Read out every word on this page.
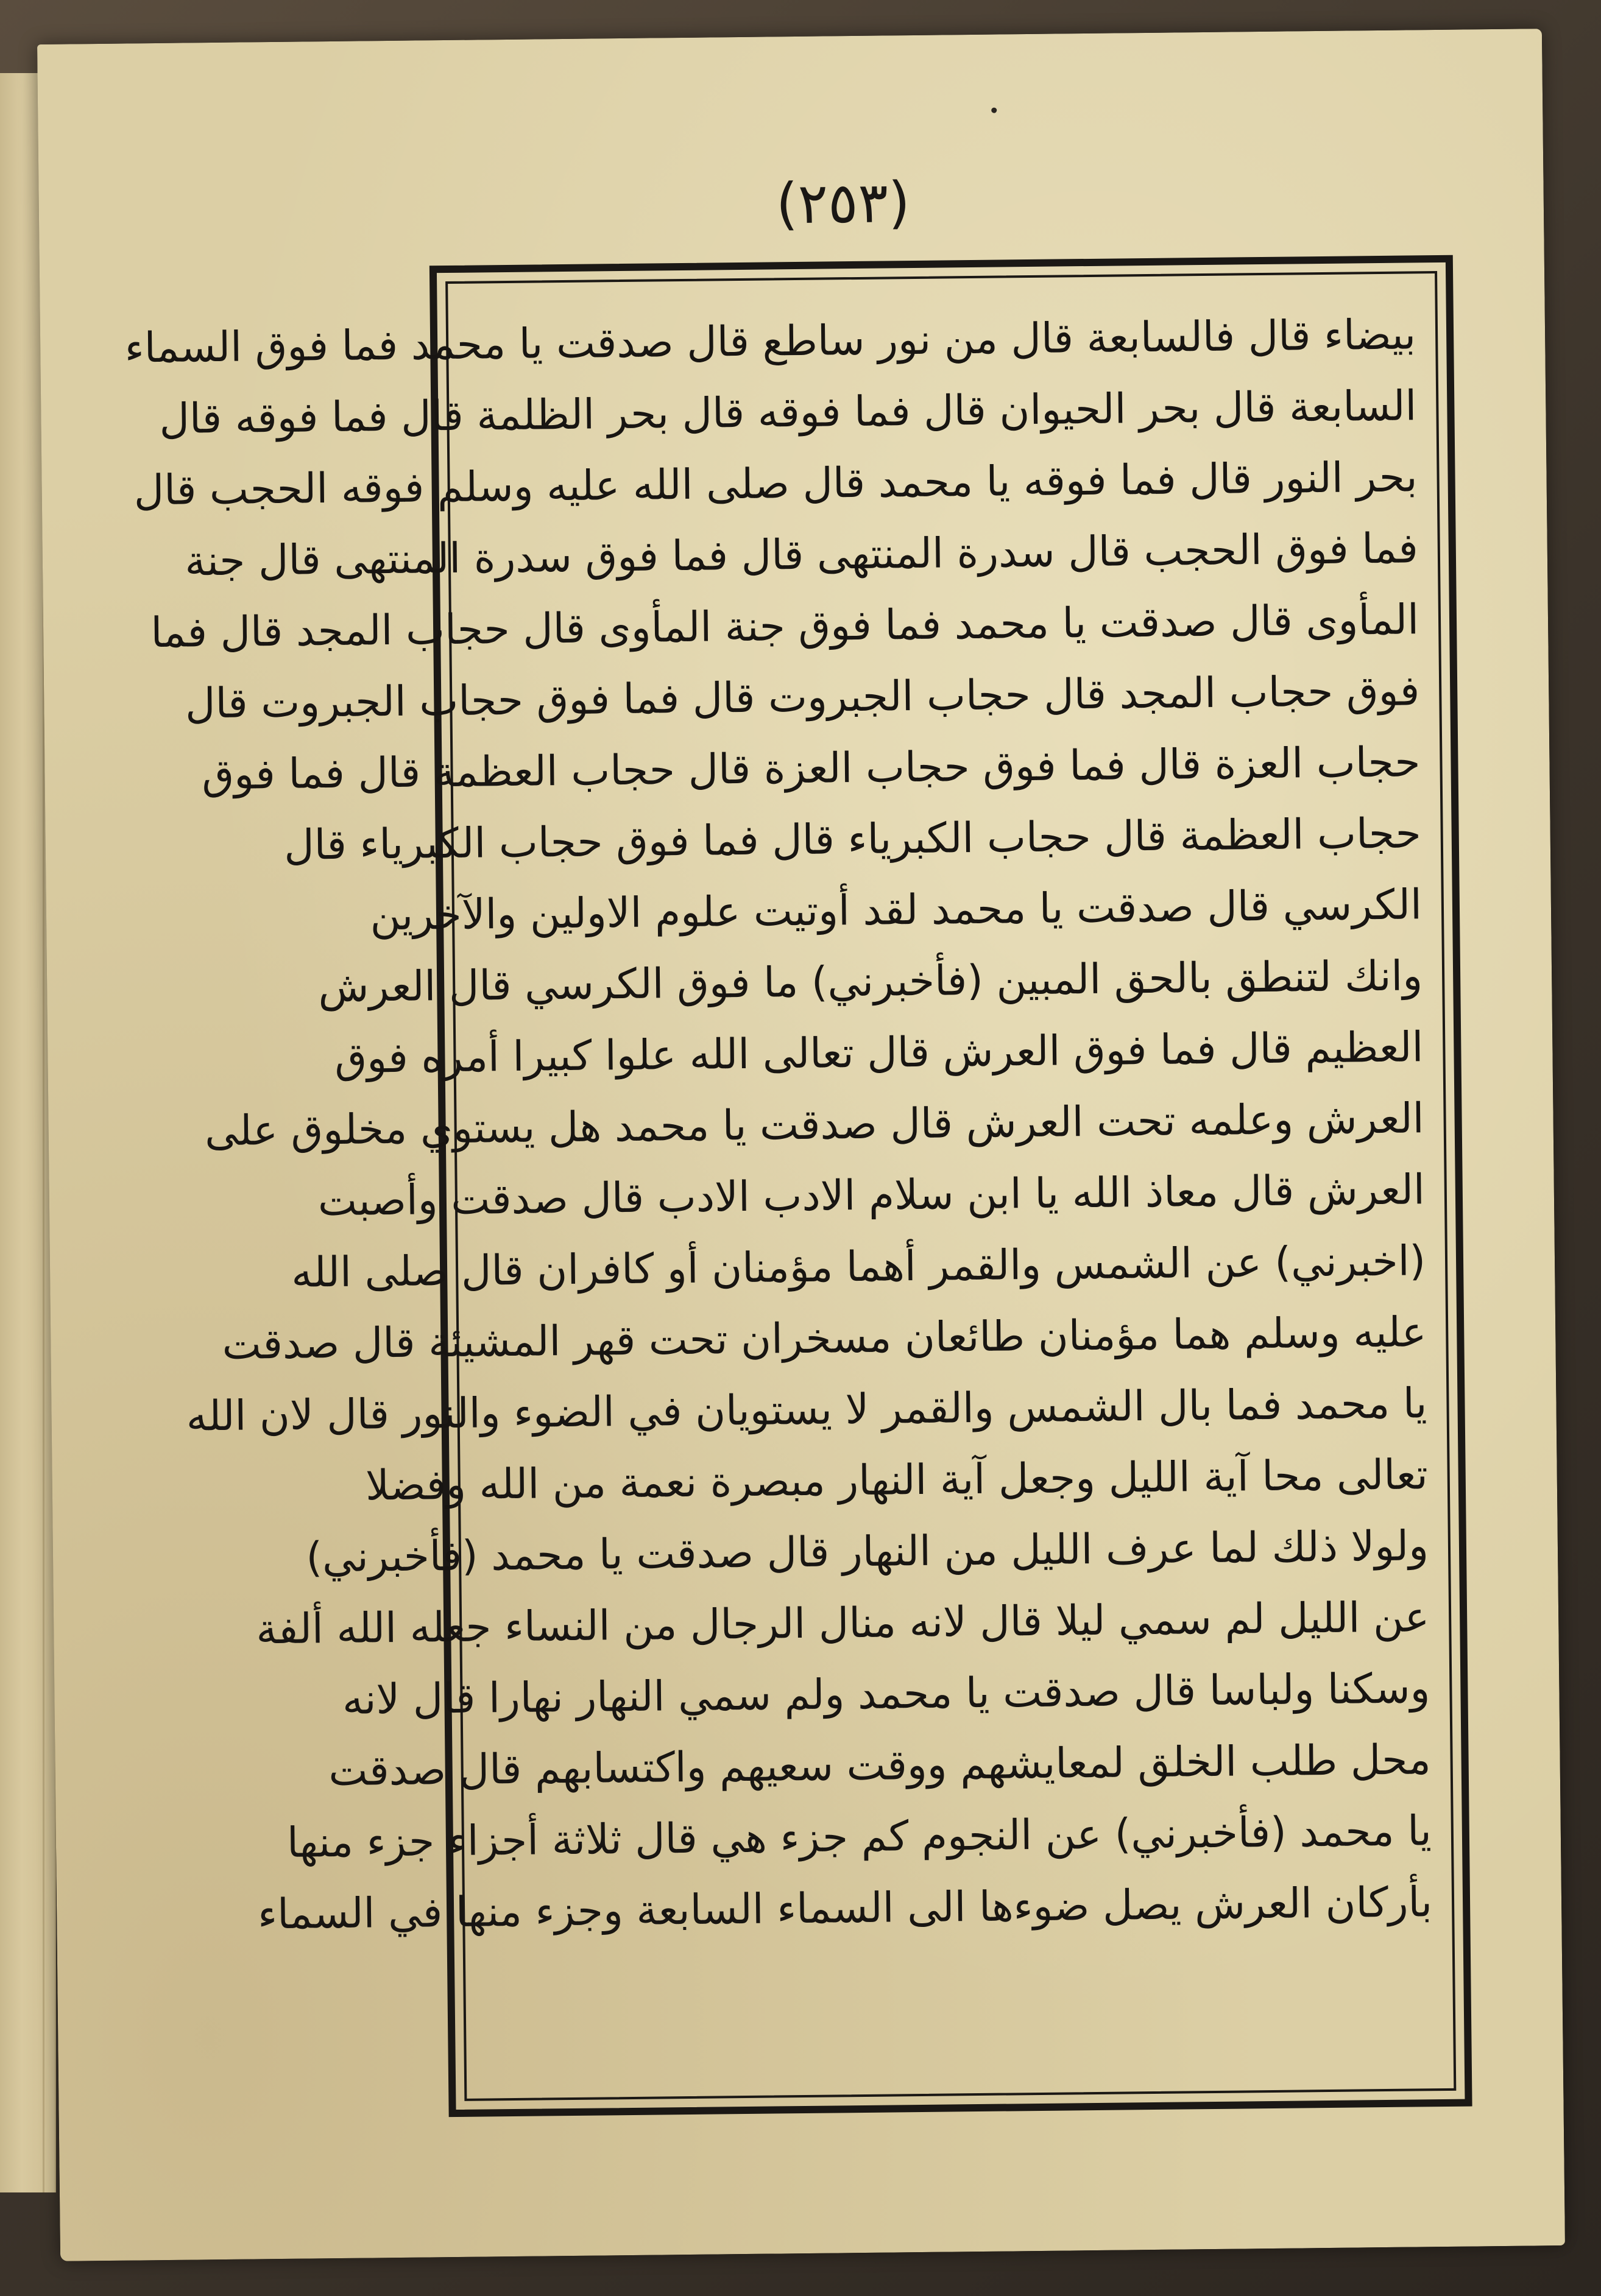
(٢٥٣)
بيضاء قال فالسابعة قال من نور ساطع قال صدقت يا محمد فما فوق السماء
السابعة قال بحر الحيوان قال فما فوقه قال بحر الظلمة قال فما فوقه قال
بحر النور قال فما فوقه يا محمد قال صلى الله عليه وسلم فوقه الحجب قال
فما فوق الحجب قال سدرة المنتهى قال فما فوق سدرة المنتهى قال جنة
المأوى قال صدقت يا محمد فما فوق جنة المأوى قال حجاب المجد قال فما
فوق حجاب المجد قال حجاب الجبروت قال فما فوق حجاب الجبروت قال
حجاب العزة قال فما فوق حجاب العزة قال حجاب العظمة قال فما فوق
حجاب العظمة قال حجاب الكبرياء قال فما فوق حجاب الكبرياء قال
الكرسي قال صدقت يا محمد لقد أوتيت علوم الاولين والآخرين
وانك لتنطق بالحق المبين (فأخبرني) ما فوق الكرسي قال العرش
العظيم قال فما فوق العرش قال تعالى الله علوا كبيرا أمره فوق
العرش وعلمه تحت العرش قال صدقت يا محمد هل يستوي مخلوق على
العرش قال معاذ الله يا ابن سلام الادب الادب قال صدقت وأصبت
(اخبرني) عن الشمس والقمر أهما مؤمنان أو كافران قال صلى الله
عليه وسلم هما مؤمنان طائعان مسخران تحت قهر المشيئة قال صدقت
يا محمد فما بال الشمس والقمر لا يستويان في الضوء والنور قال لان الله
تعالى محا آية الليل وجعل آية النهار مبصرة نعمة من الله وفضلا
ولولا ذلك لما عرف الليل من النهار قال صدقت يا محمد (فأخبرني)
عن الليل لم سمي ليلا قال لانه منال الرجال من النساء جعله الله ألفة
وسكنا ولباسا قال صدقت يا محمد ولم سمي النهار نهارا قال لانه
محل طلب الخلق لمعايشهم ووقت سعيهم واكتسابهم قال صدقت
يا محمد (فأخبرني) عن النجوم كم جزء هي قال ثلاثة أجزاء جزء منها
بأركان العرش يصل ضوءها الى السماء السابعة وجزء منها في السماء
